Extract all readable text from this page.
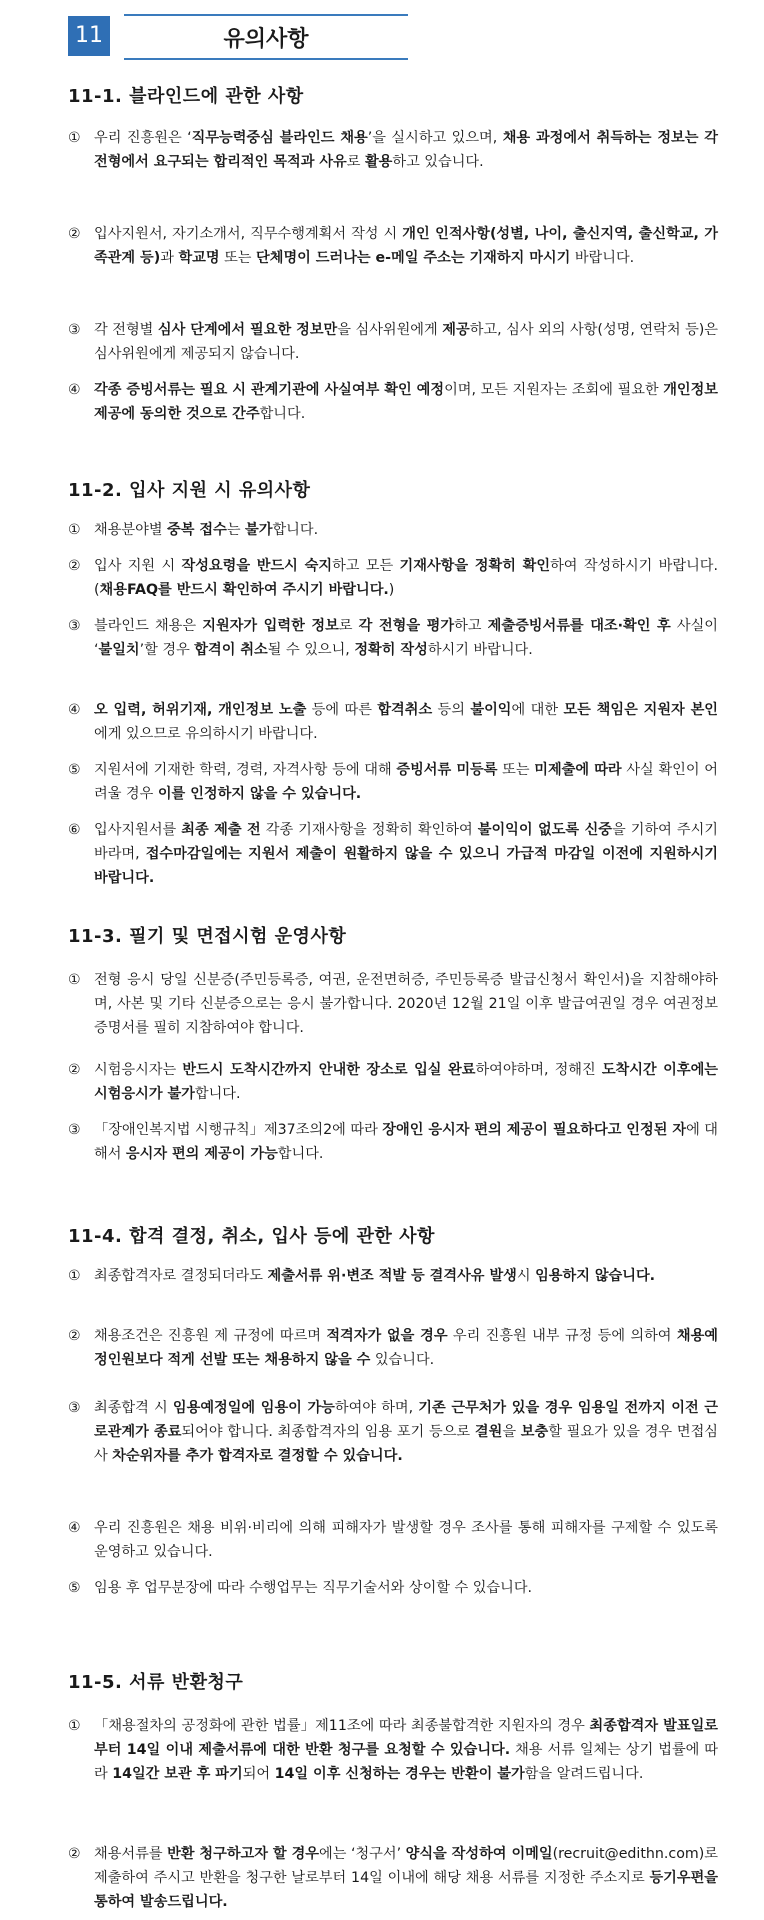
11	유의사항
11-1. 블라인드에 관한 사항
① 우리 진흥원은 ‘직무능력중심 블라인드 채용’을 실시하고 있으며, 채용 과정에서 취득하는 정보는 각 전형에서 요구되는 합리적인 목적과 사유로 활용하고 있습니다.
② 입사지원서, 자기소개서, 직무수행계획서 작성 시 개인 인적사항(성별, 나이, 출신지역, 출신학교, 가족관계 등)과 학교명 또는 단체명이 드러나는 e-메일 주소는 기재하지 마시기 바랍니다.
③ 각 전형별 심사 단계에서 필요한 정보만을 심사위원에게 제공하고, 심사 외의 사항(성명, 연락처 등)은 심사위원에게 제공되지 않습니다.
④ 각종 증빙서류는 필요 시 관계기관에 사실여부 확인 예정이며, 모든 지원자는 조회에 필요한 개인정보 제공에 동의한 것으로 간주합니다.
11-2. 입사 지원 시 유의사항
① 채용분야별 중복 접수는 불가합니다.
② 입사 지원 시 작성요령을 반드시 숙지하고 모든 기재사항을 정확히 확인하여 작성하시기 바랍니다. (채용FAQ를 반드시 확인하여 주시기 바랍니다.)
③ 블라인드 채용은 지원자가 입력한 정보로 각 전형을 평가하고 제출증빙서류를 대조·확인 후 사실이 ‘불일치’할 경우 합격이 취소될 수 있으니, 정확히 작성하시기 바랍니다.
④ 오 입력, 허위기재, 개인정보 노출 등에 따른 합격취소 등의 불이익에 대한 모든 책임은 지원자 본인에게 있으므로 유의하시기 바랍니다.
⑤ 지원서에 기재한 학력, 경력, 자격사항 등에 대해 증빙서류 미등록 또는 미제출에 따라 사실 확인이 어려울 경우 이를 인정하지 않을 수 있습니다.
⑥ 입사지원서를 최종 제출 전 각종 기재사항을 정확히 확인하여 불이익이 없도록 신중을 기하여 주시기 바라며, 접수마감일에는 지원서 제출이 원활하지 않을 수 있으니 가급적 마감일 이전에 지원하시기 바랍니다.
11-3. 필기 및 면접시험 운영사항
① 전형 응시 당일 신분증(주민등록증, 여권, 운전면허증, 주민등록증 발급신청서 확인서)을 지참해야하며, 사본 및 기타 신분증으로는 응시 불가합니다. 2020년 12월 21일 이후 발급여권일 경우 여권정보증명서를 필히 지참하여야 합니다.
② 시험응시자는 반드시 도착시간까지 안내한 장소로 입실 완료하여야하며, 정해진 도착시간 이후에는 시험응시가 불가합니다.
③ 「장애인복지법 시행규칙」제37조의2에 따라 장애인 응시자 편의 제공이 필요하다고 인정된 자에 대해서 응시자 편의 제공이 가능합니다.
11-4. 합격 결정, 취소, 입사 등에 관한 사항
① 최종합격자로 결정되더라도 제출서류 위·변조 적발 등 결격사유 발생시 임용하지 않습니다.
② 채용조건은 진흥원 제 규정에 따르며 적격자가 없을 경우 우리 진흥원 내부 규정 등에 의하여 채용예정인원보다 적게 선발 또는 채용하지 않을 수 있습니다.
③ 최종합격 시 임용예정일에 임용이 가능하여야 하며, 기존 근무처가 있을 경우 임용일 전까지 이전 근로관계가 종료되어야 합니다. 최종합격자의 임용 포기 등으로 결원을 보충할 필요가 있을 경우 면접심사 차순위자를 추가 합격자로 결정할 수 있습니다.
④ 우리 진흥원은 채용 비위·비리에 의해 피해자가 발생할 경우 조사를 통해 피해자를 구제할 수 있도록 운영하고 있습니다.
⑤ 임용 후 업무분장에 따라 수행업무는 직무기술서와 상이할 수 있습니다.
11-5. 서류 반환청구
① 「채용절차의 공정화에 관한 법률」제11조에 따라 최종불합격한 지원자의 경우 최종합격자 발표일로부터 14일 이내 제출서류에 대한 반환 청구를 요청할 수 있습니다. 채용 서류 일체는 상기 법률에 따라 14일간 보관 후 파기되어 14일 이후 신청하는 경우는 반환이 불가함을 알려드립니다.
② 채용서류를 반환 청구하고자 할 경우에는 ‘청구서’ 양식을 작성하여 이메일(recruit@edithn.com)로 제출하여 주시고 반환을 청구한 날로부터 14일 이내에 해당 채용 서류를 지정한 주소지로 등기우편을 통하여 발송드립니다.
